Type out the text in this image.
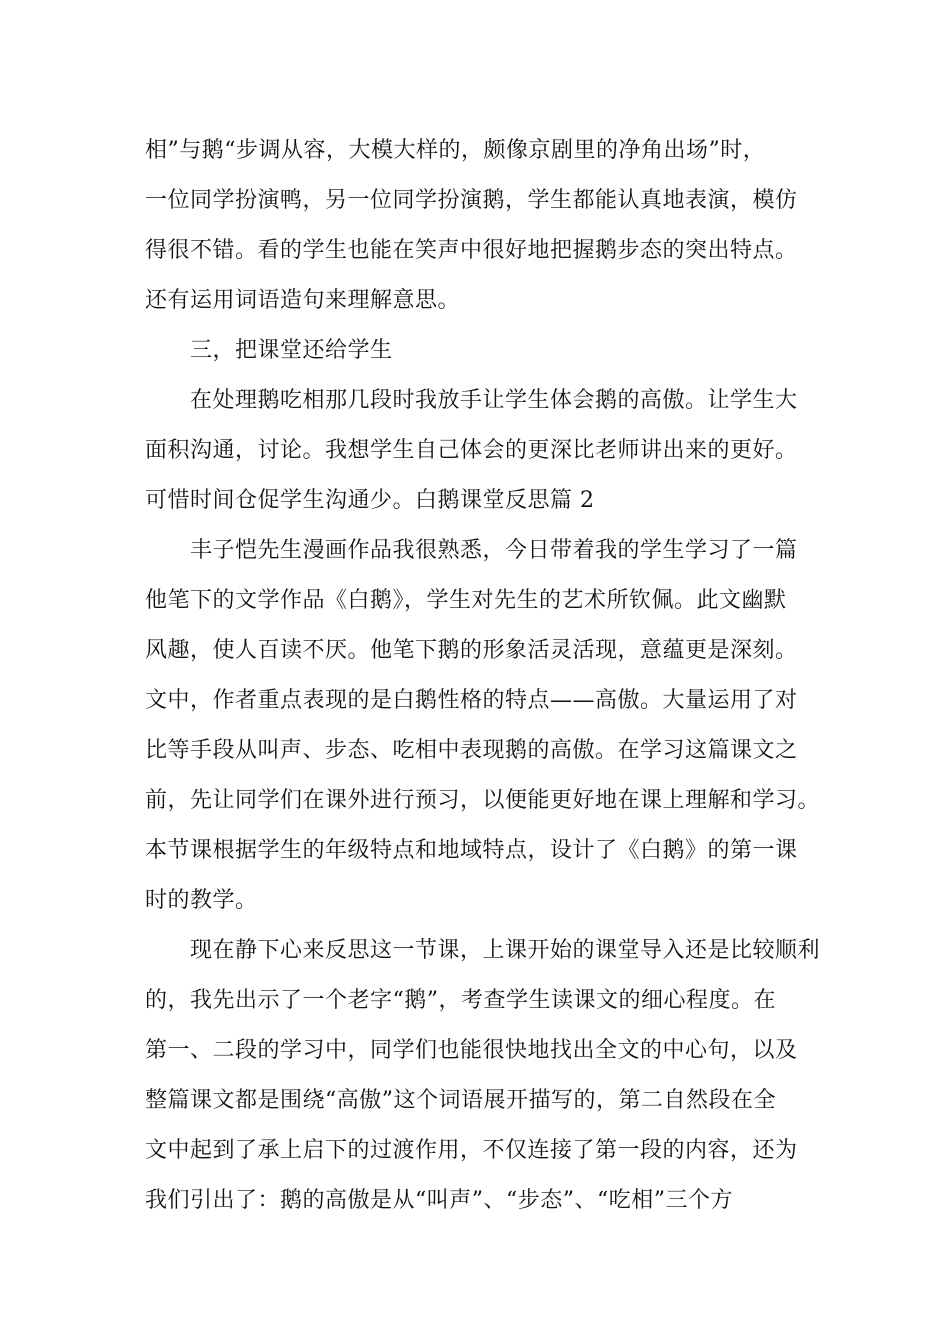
相”与鹅“步调从容，大模大样的，颇像京剧里的净角出场”时，
一位同学扮演鸭，另一位同学扮演鹅，学生都能认真地表演，模仿
得很不错。看的学生也能在笑声中很好地把握鹅步态的突出特点。
还有运用词语造句来理解意思。
三，把课堂还给学生
在处理鹅吃相那几段时我放手让学生体会鹅的高傲。让学生大
面积沟通，讨论。我想学生自己体会的更深比老师讲出来的更好。
可惜时间仓促学生沟通少。白鹅课堂反思篇 2
丰子恺先生漫画作品我很熟悉，今日带着我的学生学习了一篇
他笔下的文学作品《白鹅》，学生对先生的艺术所钦佩。此文幽默
风趣，使人百读不厌。他笔下鹅的形象活灵活现，意蕴更是深刻。
文中，作者重点表现的是白鹅性格的特点——高傲。大量运用了对
比等手段从叫声、步态、吃相中表现鹅的高傲。在学习这篇课文之
前，先让同学们在课外进行预习，以便能更好地在课上理解和学习。
本节课根据学生的年级特点和地域特点，设计了《白鹅》的第一课
时的教学。
现在静下心来反思这一节课，上课开始的课堂导入还是比较顺利
的，我先出示了一个老字“鹅”，考查学生读课文的细心程度。在
第一、二段的学习中，同学们也能很快地找出全文的中心句，以及
整篇课文都是围绕“高傲”这个词语展开描写的，第二自然段在全
文中起到了承上启下的过渡作用，不仅连接了第一段的内容，还为
我们引出了：鹅的高傲是从“叫声”、“步态”、“吃相”三个方
